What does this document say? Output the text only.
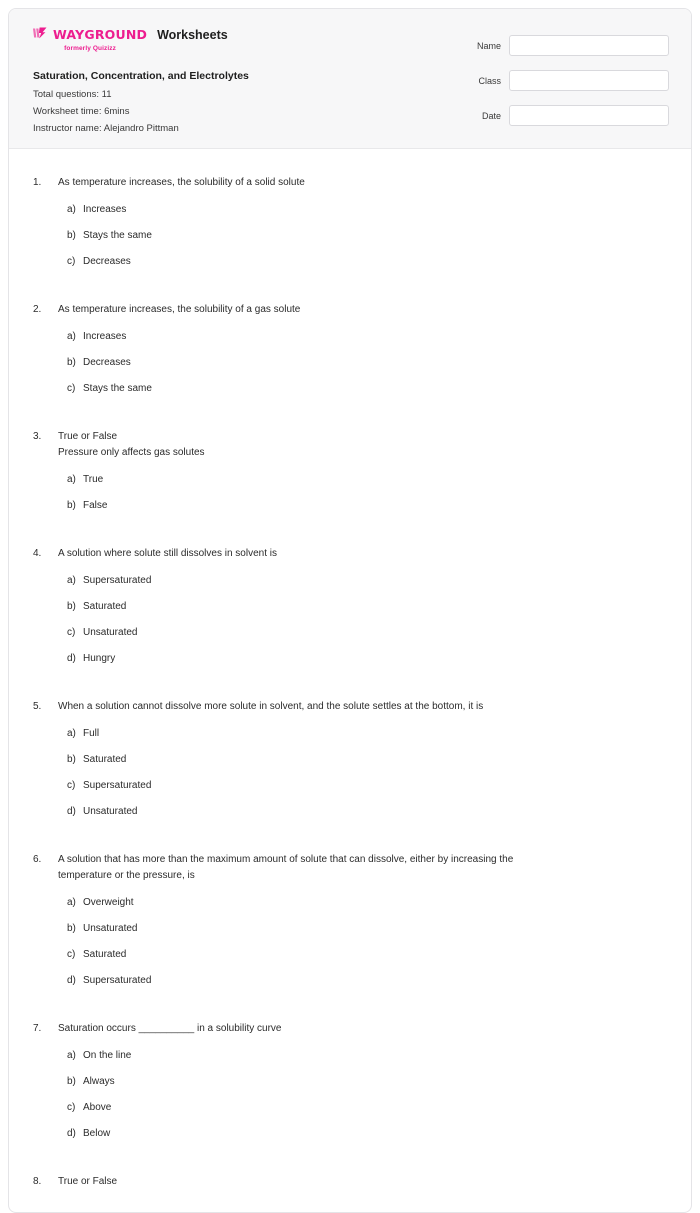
WAYGROUND
formerly Quizizz
Worksheets
Saturation, Concentration, and Electrolytes
Total questions: 11
Worksheet time: 6mins
Instructor name: Alejandro Pittman
Name
Class
Date
1.	As temperature increases, the solubility of a solid solute
a) Increases
b) Stays the same
c) Decreases
2.	As temperature increases, the solubility of a gas solute
a) Increases
b) Decreases
c) Stays the same
3.	True or False
Pressure only affects gas solutes
a) True
b) False
4.	A solution where solute still dissolves in solvent is
a) Supersaturated
b) Saturated
c) Unsaturated
d) Hungry
5.	When a solution cannot dissolve more solute in solvent, and the solute settles at the bottom, it is
a) Full
b) Saturated
c) Supersaturated
d) Unsaturated
6.	A solution that has more than the maximum amount of solute that can dissolve, either by increasing the
temperature or the pressure, is
a) Overweight
b) Unsaturated
c) Saturated
d) Supersaturated
7.	Saturation occurs __________ in a solubility curve
a) On the line
b) Always
c) Above
d) Below
8.	True or False
